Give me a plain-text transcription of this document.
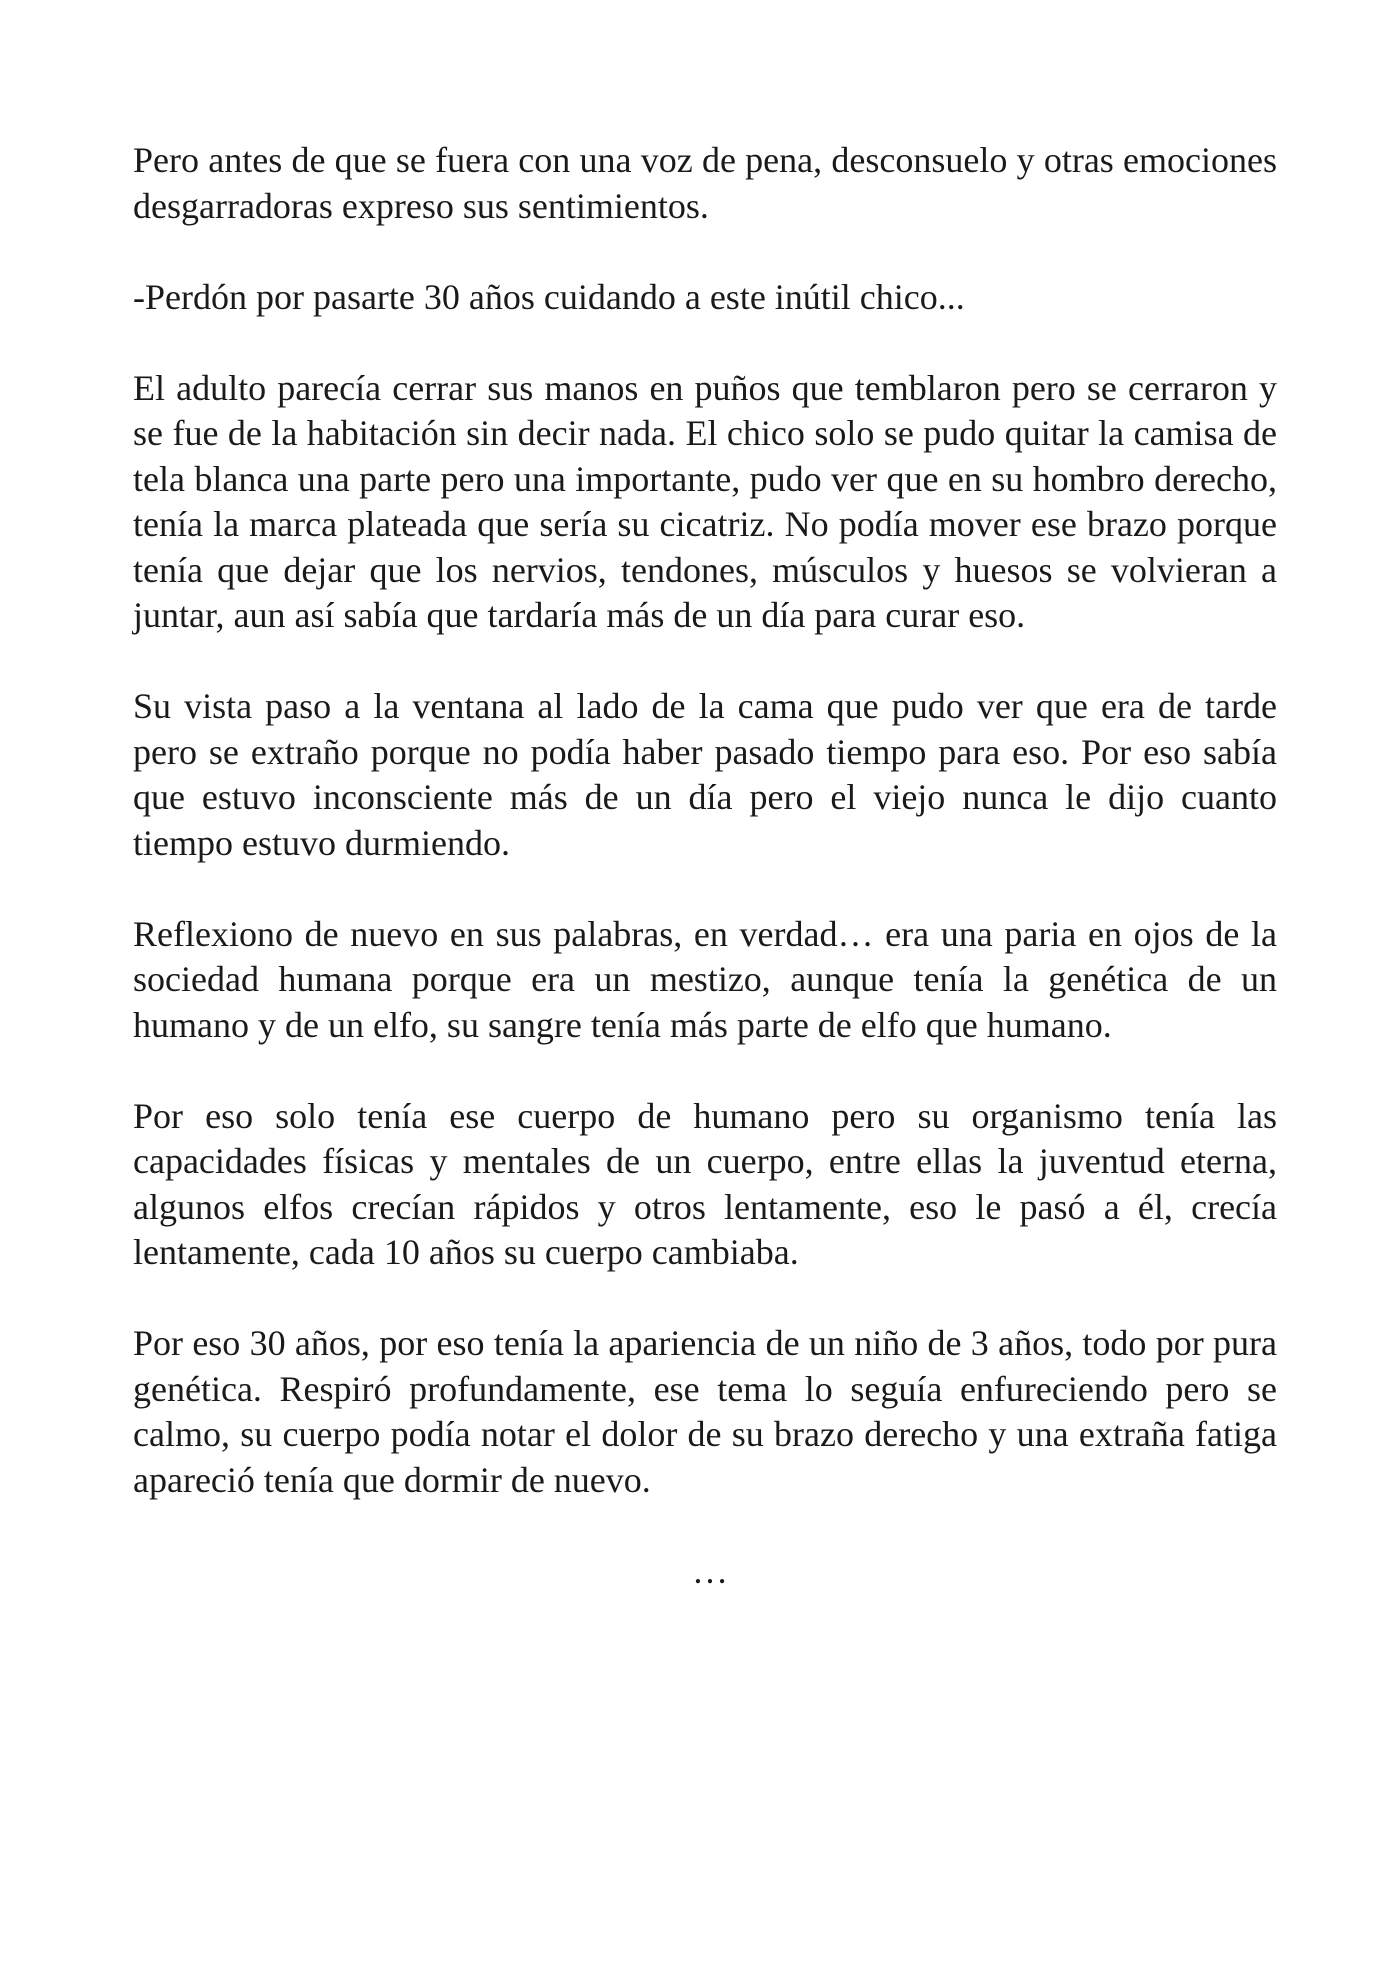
Pero antes de que se fuera con una voz de pena, desconsuelo y otras emociones desgarradoras expreso sus sentimientos.

-Perdón por pasarte 30 años cuidando a este inútil chico...

El adulto parecía cerrar sus manos en puños que temblaron pero se cerraron y se fue de la habitación sin decir nada. El chico solo se pudo quitar la camisa de tela blanca una parte pero una importante, pudo ver que en su hombro derecho, tenía la marca plateada que sería su cicatriz. No podía mover ese brazo porque tenía que dejar que los nervios, tendones, músculos y huesos se volvieran a juntar, aun así sabía que tardaría más de un día para curar eso.

Su vista paso a la ventana al lado de la cama que pudo ver que era de tarde pero se extraño porque no podía haber pasado tiempo para eso. Por eso sabía que estuvo inconsciente más de un día pero el viejo nunca le dijo cuanto tiempo estuvo durmiendo.

Reflexiono de nuevo en sus palabras, en verdad… era una paria en ojos de la sociedad humana porque era un mestizo, aunque tenía la genética de un humano y de un elfo, su sangre tenía más parte de elfo que humano.

Por eso solo tenía ese cuerpo de humano pero su organismo tenía las capacidades físicas y mentales de un cuerpo, entre ellas la juventud eterna, algunos elfos crecían rápidos y otros lentamente, eso le pasó a él, crecía lentamente, cada 10 años su cuerpo cambiaba.

Por eso 30 años, por eso tenía la apariencia de un niño de 3 años, todo por pura genética. Respiró profundamente, ese tema lo seguía enfureciendo pero se calmo, su cuerpo podía notar el dolor de su brazo derecho y una extraña fatiga apareció tenía que dormir de nuevo.

…
